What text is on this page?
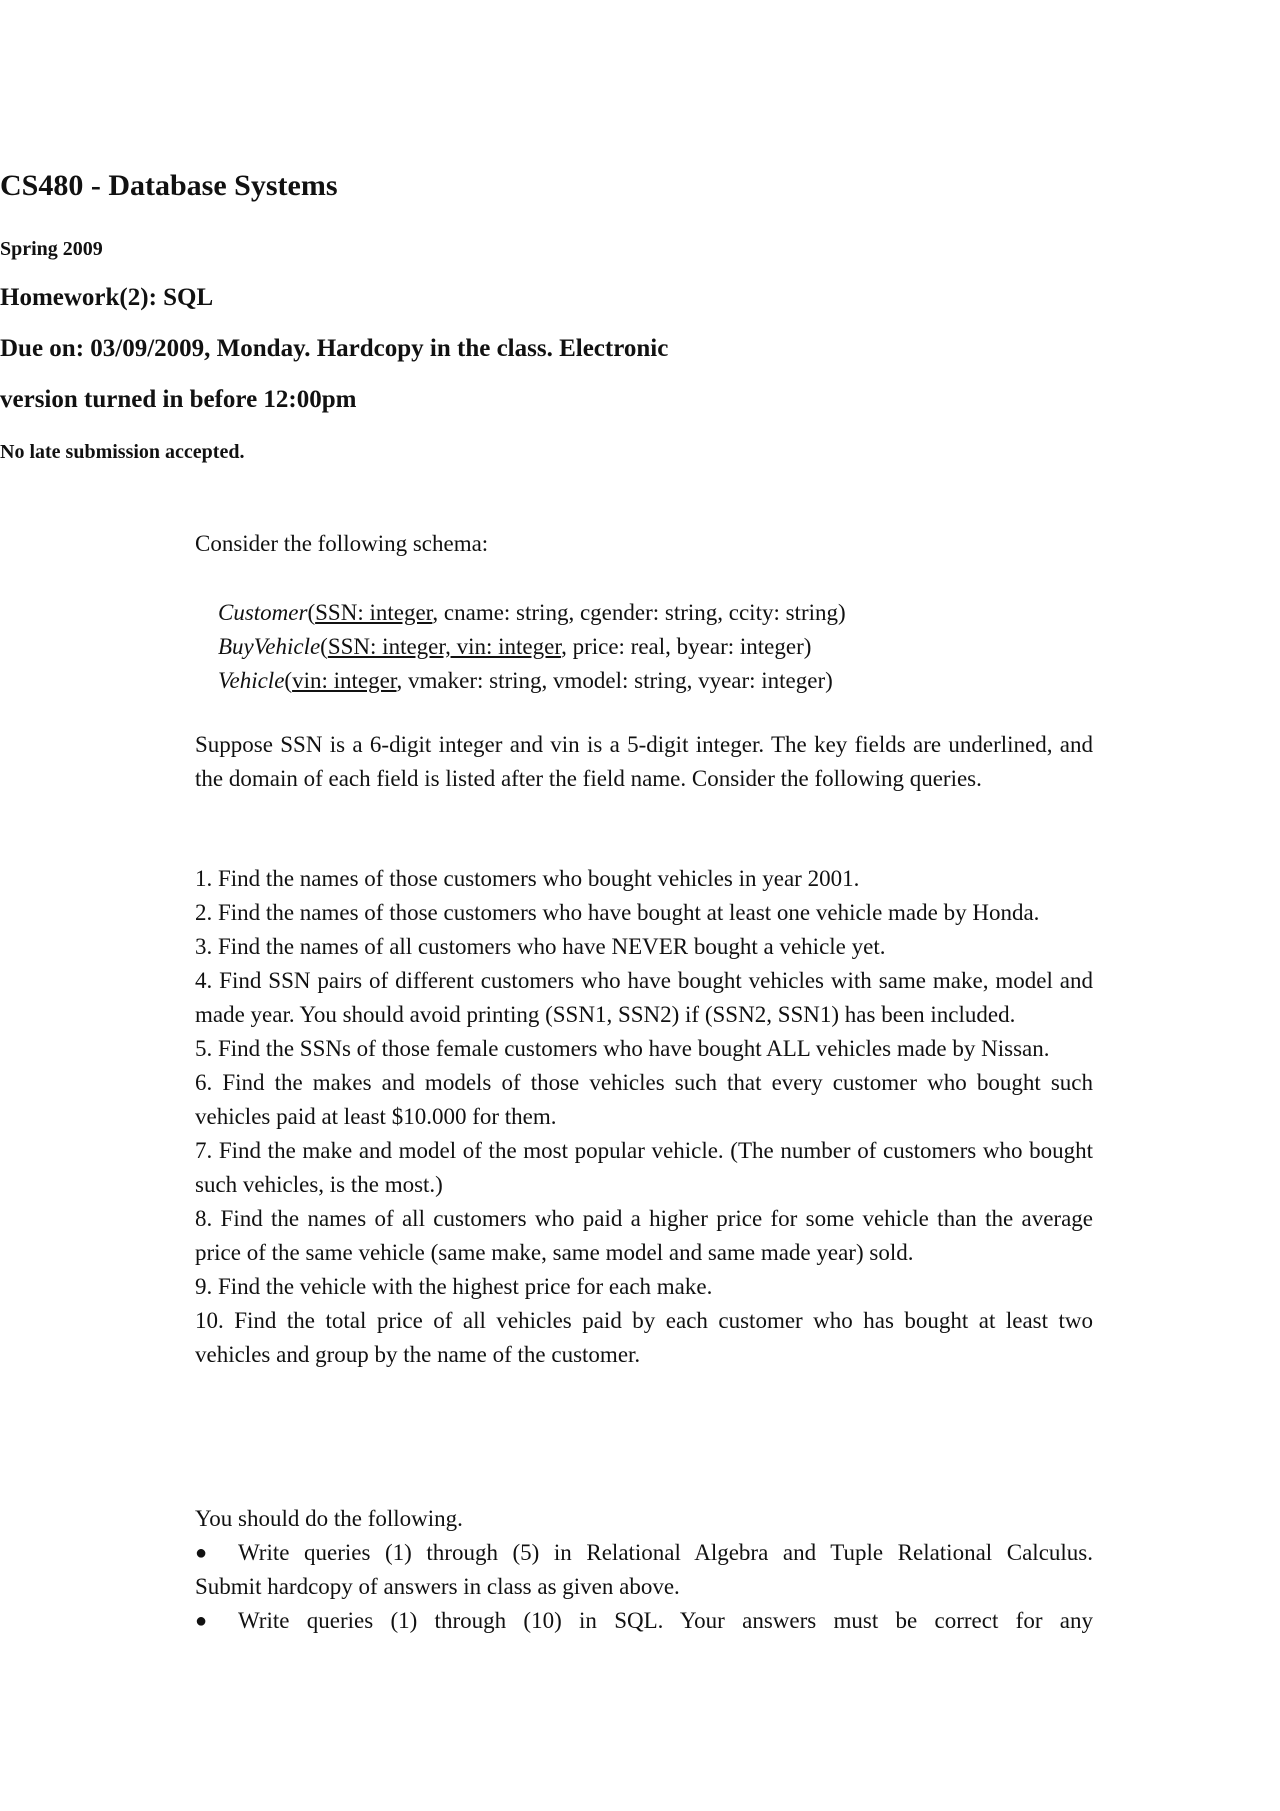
CS480 - Database Systems
Spring 2009
Homework(2): SQL
Due on: 03/09/2009, Monday. Hardcopy in the class. Electronic
version turned in before 12:00pm
No late submission accepted.
Consider the following schema:
Customer(SSN: integer, cname: string, cgender: string, ccity: string)
BuyVehicle(SSN: integer, vin: integer, price: real, byear: integer)
Vehicle(vin: integer, vmaker: string, vmodel: string, vyear: integer)
Suppose SSN is a 6-digit integer and vin is a 5-digit integer. The key fields are underlined, and the domain of each field is listed after the field name. Consider the following queries.
1. Find the names of those customers who bought vehicles in year 2001.
2. Find the names of those customers who have bought at least one vehicle made by Honda.
3. Find the names of all customers who have NEVER bought a vehicle yet.
4. Find SSN pairs of different customers who have bought vehicles with same make, model and made year. You should avoid printing (SSN1, SSN2) if (SSN2, SSN1) has been included.
5. Find the SSNs of those female customers who have bought ALL vehicles made by Nissan.
6. Find the makes and models of those vehicles such that every customer who bought such vehicles paid at least $10.000 for them.
7. Find the make and model of the most popular vehicle. (The number of customers who bought such vehicles, is the most.)
8. Find the names of all customers who paid a higher price for some vehicle than the average price of the same vehicle (same make, same model and same made year) sold.
9. Find the vehicle with the highest price for each make.
10. Find the total price of all vehicles paid by each customer who has bought at least two vehicles and group by the name of the customer.
You should do the following.
●	Write queries (1) through (5) in Relational Algebra and Tuple Relational Calculus.
Submit hardcopy of answers in class as given above.
●	Write queries (1) through (10) in SQL. Your answers must be correct for any
